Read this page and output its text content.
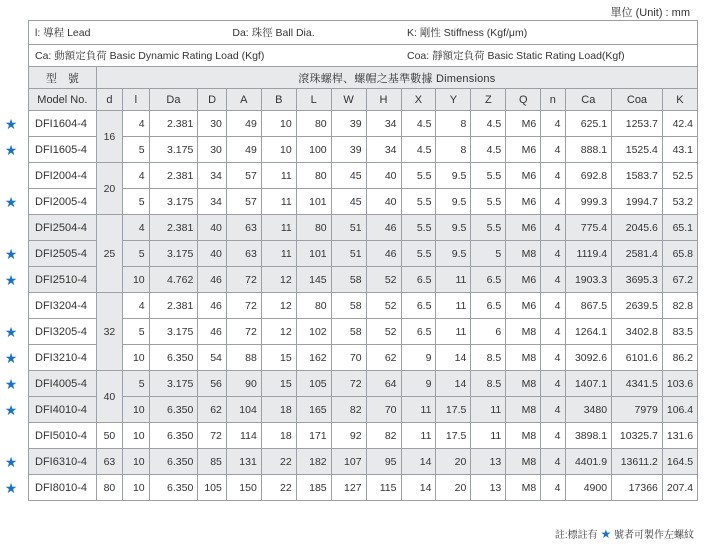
單位 (Unit) : mm
l: 導程 Lead					Da: 珠徑 Ball Dia.					K: 剛性 Stiffness (Kgf/μm)							
Ca: 動額定負荷 Basic Dynamic Rating Load (Kgf)										Coa: 靜額定負荷 Basic Static Rating Load(Kgf)							
型　號	滾珠螺桿、螺帽之基準數據 Dimensions																
Model No.	d	l	Da	D	A	B	L	W	H	X	Y	Z	Q	n	Ca	Coa	K
DFI1604-4	16	4	2.381	30	49	10	80	39	34	4.5	8	4.5	M6	4	625.1	1253.7	42.4
DFI1605-4		5	3.175	30	49	10	100	39	34	4.5	8	4.5	M6	4	888.1	1525.4	43.1
DFI2004-4	20	4	2.381	34	57	11	80	45	40	5.5	9.5	5.5	M6	4	692.8	1583.7	52.5
DFI2005-4		5	3.175	34	57	11	101	45	40	5.5	9.5	5.5	M6	4	999.3	1994.7	53.2
DFI2504-4	25	4	2.381	40	63	11	80	51	46	5.5	9.5	5.5	M6	4	775.4	2045.6	65.1
DFI2505-4		5	3.175	40	63	11	101	51	46	5.5	9.5	5	M8	4	1119.4	2581.4	65.8
DFI2510-4		10	4.762	46	72	12	145	58	52	6.5	11	6.5	M6	4	1903.3	3695.3	67.2
DFI3204-4	32	4	2.381	46	72	12	80	58	52	6.5	11	6.5	M6	4	867.5	2639.5	82.8
DFI3205-4		5	3.175	46	72	12	102	58	52	6.5	11	6	M8	4	1264.1	3402.8	83.5
DFI3210-4		10	6.350	54	88	15	162	70	62	9	14	8.5	M8	4	3092.6	6101.6	86.2
DFI4005-4	40	5	3.175	56	90	15	105	72	64	9	14	8.5	M8	4	1407.1	4341.5	103.6
DFI4010-4		10	6.350	62	104	18	165	82	70	11	17.5	11	M8	4	3480	7979	106.4
DFI5010-4	50	10	6.350	72	114	18	171	92	82	11	17.5	11	M8	4	3898.1	10325.7	131.6
DFI6310-4	63	10	6.350	85	131	22	182	107	95	14	20	13	M8	4	4401.9	13611.2	164.5
DFI8010-4	80	10	6.350	105	150	22	185	127	115	14	20	13	M8	4	4900	17366	207.4
★
★
★
★
★
★
★
★
★
★
★
註:標註有 ★ 號者可製作左螺紋
